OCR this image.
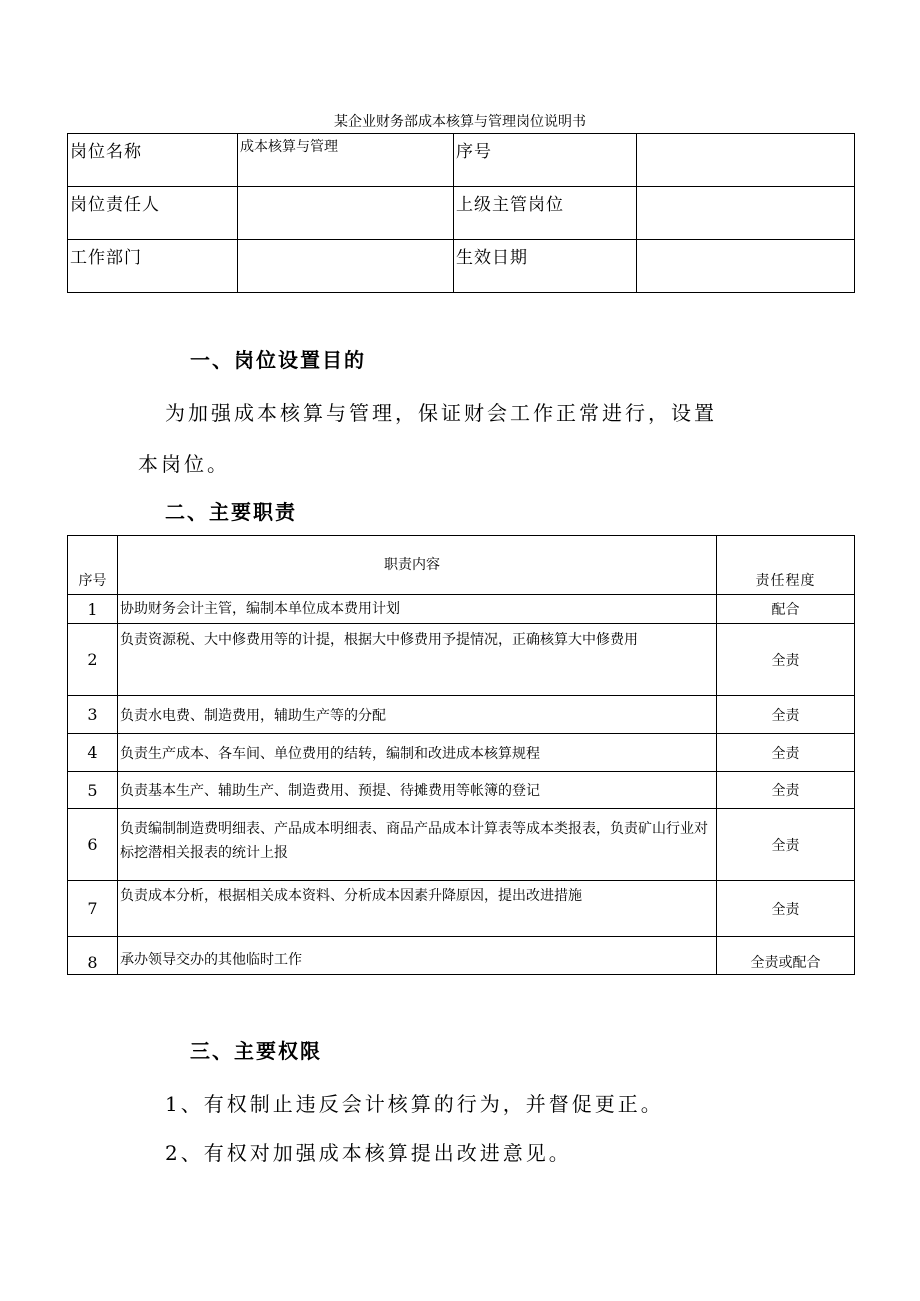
某企业财务部成本核算与管理岗位说明书
岗位名称	成本核算与管理	序号	
岗位责任人		上级主管岗位	
工作部门		生效日期	
一、岗位设置目的
为加强成本核算与管理，保证财会工作正常进行，设置
本岗位。
二、主要职责
序号	职责内容	责任程度
1	协助财务会计主管，编制本单位成本费用计划	配合
2	负责资源税、大中修费用等的计提，根据大中修费用予提情况，正确核算大中修费用	全责
3	负责水电费、制造费用，辅助生产等的分配	全责
4	负责生产成本、各车间、单位费用的结转，编制和改进成本核算规程	全责
5	负责基本生产、辅助生产、制造费用、预提、待摊费用等帐簿的登记	全责
6	负责编制制造费明细表、产品成本明细表、商品产品成本计算表等成本类报表，负责矿山行业对标挖潜相关报表的统计上报	全责
7	负责成本分析，根据相关成本资料、分析成本因素升降原因，提出改进措施	全责
8	承办领导交办的其他临时工作	全责或配合
三、主要权限
1、有权制止违反会计核算的行为，并督促更正。
2、有权对加强成本核算提出改进意见。
